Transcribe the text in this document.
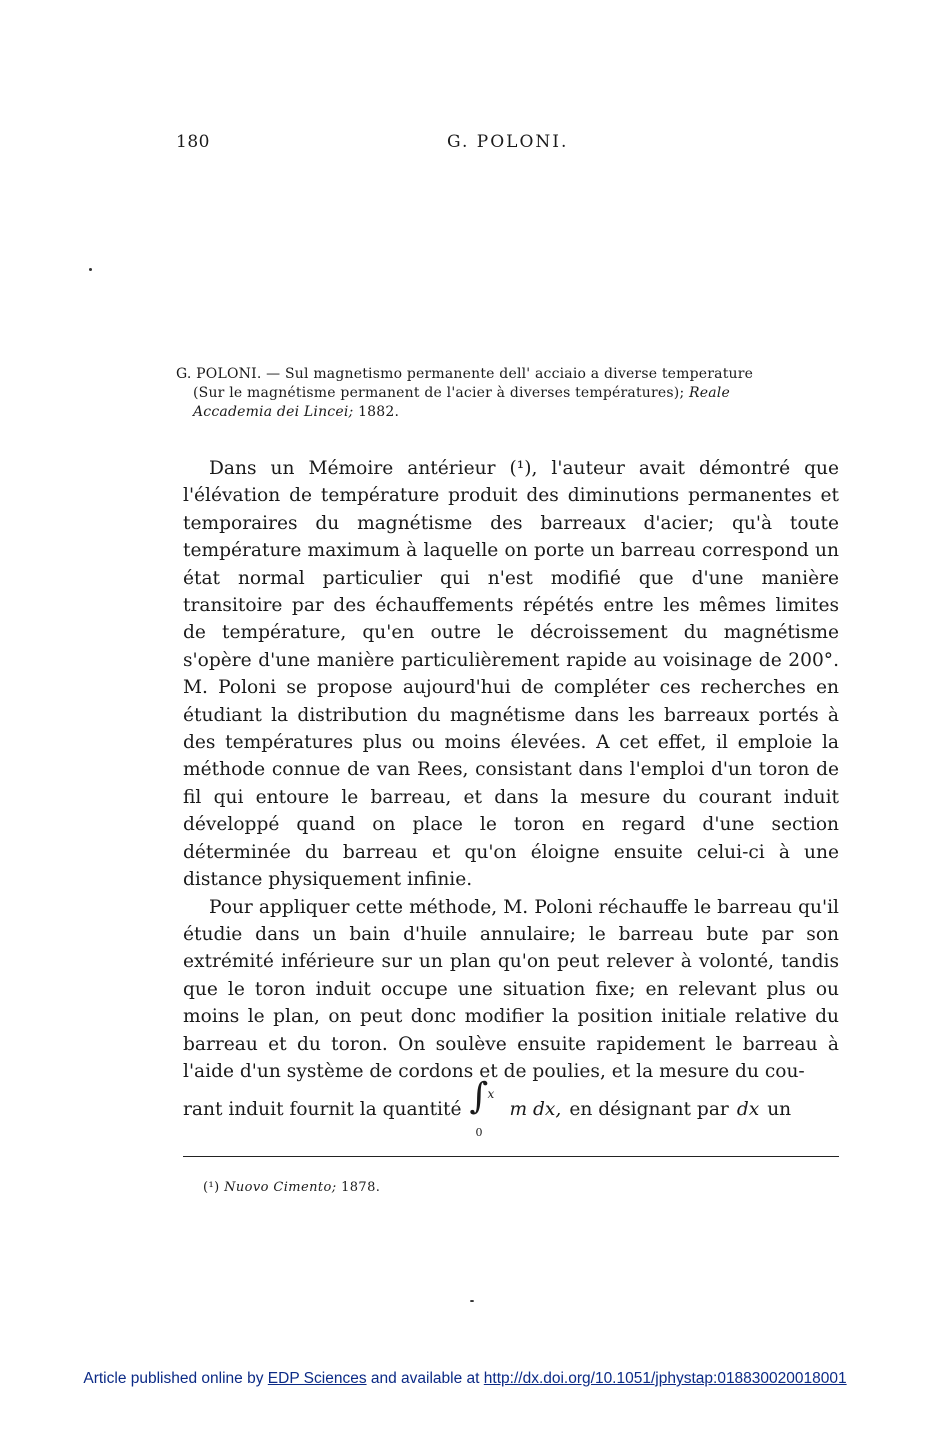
180	G. POLONI.

G. POLONI. — Sul magnetismo permanente dell' acciaio a diverse temperature

(Sur le magnétisme permanent de l'acier à diverses températures); Reale

Accademia dei Lincei; 1882.

Dans un Mémoire antérieur (¹), l'auteur avait démontré que l'élévation de température produit des diminutions permanentes et temporaires du magnétisme des barreaux d'acier; qu'à toute température maximum à laquelle on porte un barreau correspond un état normal particulier qui n'est modifié que d'une manière transitoire par des échauffements répétés entre les mêmes limites de température, qu'en outre le décroissement du magnétisme s'opère d'une manière particulièrement rapide au voisinage de 200°. M. Poloni se propose aujourd'hui de compléter ces recherches en étudiant la distribution du magnétisme dans les barreaux portés à des températures plus ou moins élevées. A cet effet, il emploie la méthode connue de van Rees, consistant dans l'emploi d'un toron de fil qui entoure le barreau, et dans la mesure du courant induit développé quand on place le toron en regard d'une section déterminée du barreau et qu'on éloigne ensuite celui-ci à une distance physiquement infinie.

Pour appliquer cette méthode, M. Poloni réchauffe le barreau qu'il étudie dans un bain d'huile annulaire; le barreau bute par son extrémité inférieure sur un plan qu'on peut relever à volonté, tandis que le toron induit occupe une situation fixe; en relevant plus ou moins le plan, on peut donc modifier la position initiale relative du barreau et du toron. On soulève ensuite rapidement le barreau à l'aide d'un système de cordons et de poulies, et la mesure du cou-

rant induit fournit la quantité ∫ x
0
m dx, en désignant par dx un
(¹) Nuovo Cimento; 1878.
Article published online by EDP Sciences and available at http://dx.doi.org/10.1051/jphystap:018830020018001
